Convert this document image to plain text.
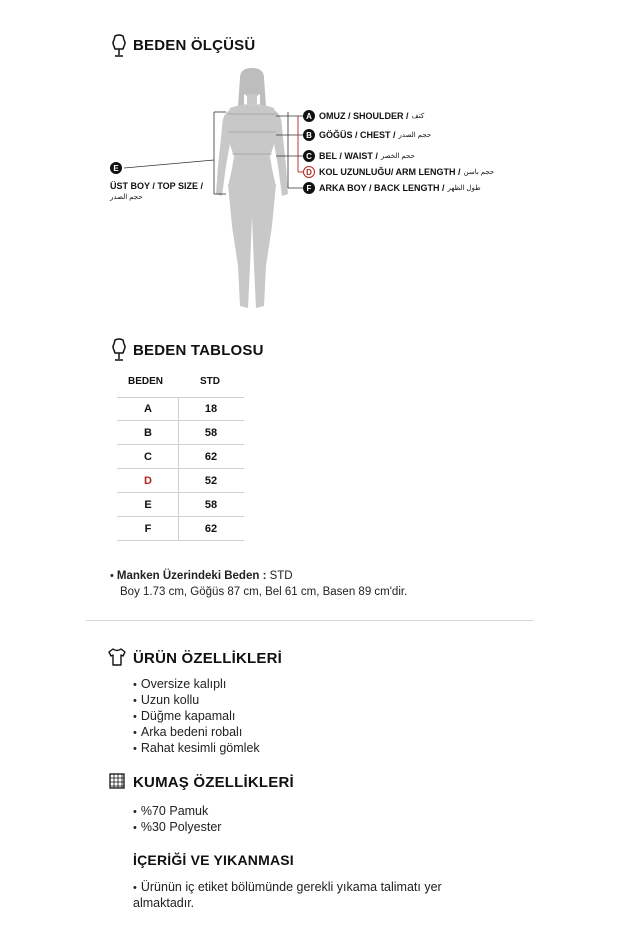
BEDEN ÖLÇÜSÜ
E
ÜST BOY / TOP SIZE /
حجم الصدر
A OMUZ / SHOULDER / كتف
B GÖĞÜS / CHEST / حجم الصدر
C BEL / WAIST / حجم الخصر
D KOL UZUNLUĞU/ ARM LENGTH / حجم باسن
F ARKA BOY / BACK LENGTH / طول الظهر
BEDEN TABLOSU
BEDEN	STD
A	18
B	58
C	62
D	52
E	58
F	62
• Manken Üzerindeki Beden : STD
Boy 1.73 cm, Göğüs 87 cm, Bel 61 cm, Basen 89 cm'dir.
ÜRÜN ÖZELLİKLERİ
• Oversize kalıplı
• Uzun kollu
• Düğme kapamalı
• Arka bedeni robalı
• Rahat kesimli gömlek
KUMAŞ ÖZELLİKLERİ
• %70 Pamuk
• %30 Polyester
İÇERİĞİ VE YIKANMASI
• Ürünün iç etiket bölümünde gerekli yıkama talimatı yer
almaktadır.
